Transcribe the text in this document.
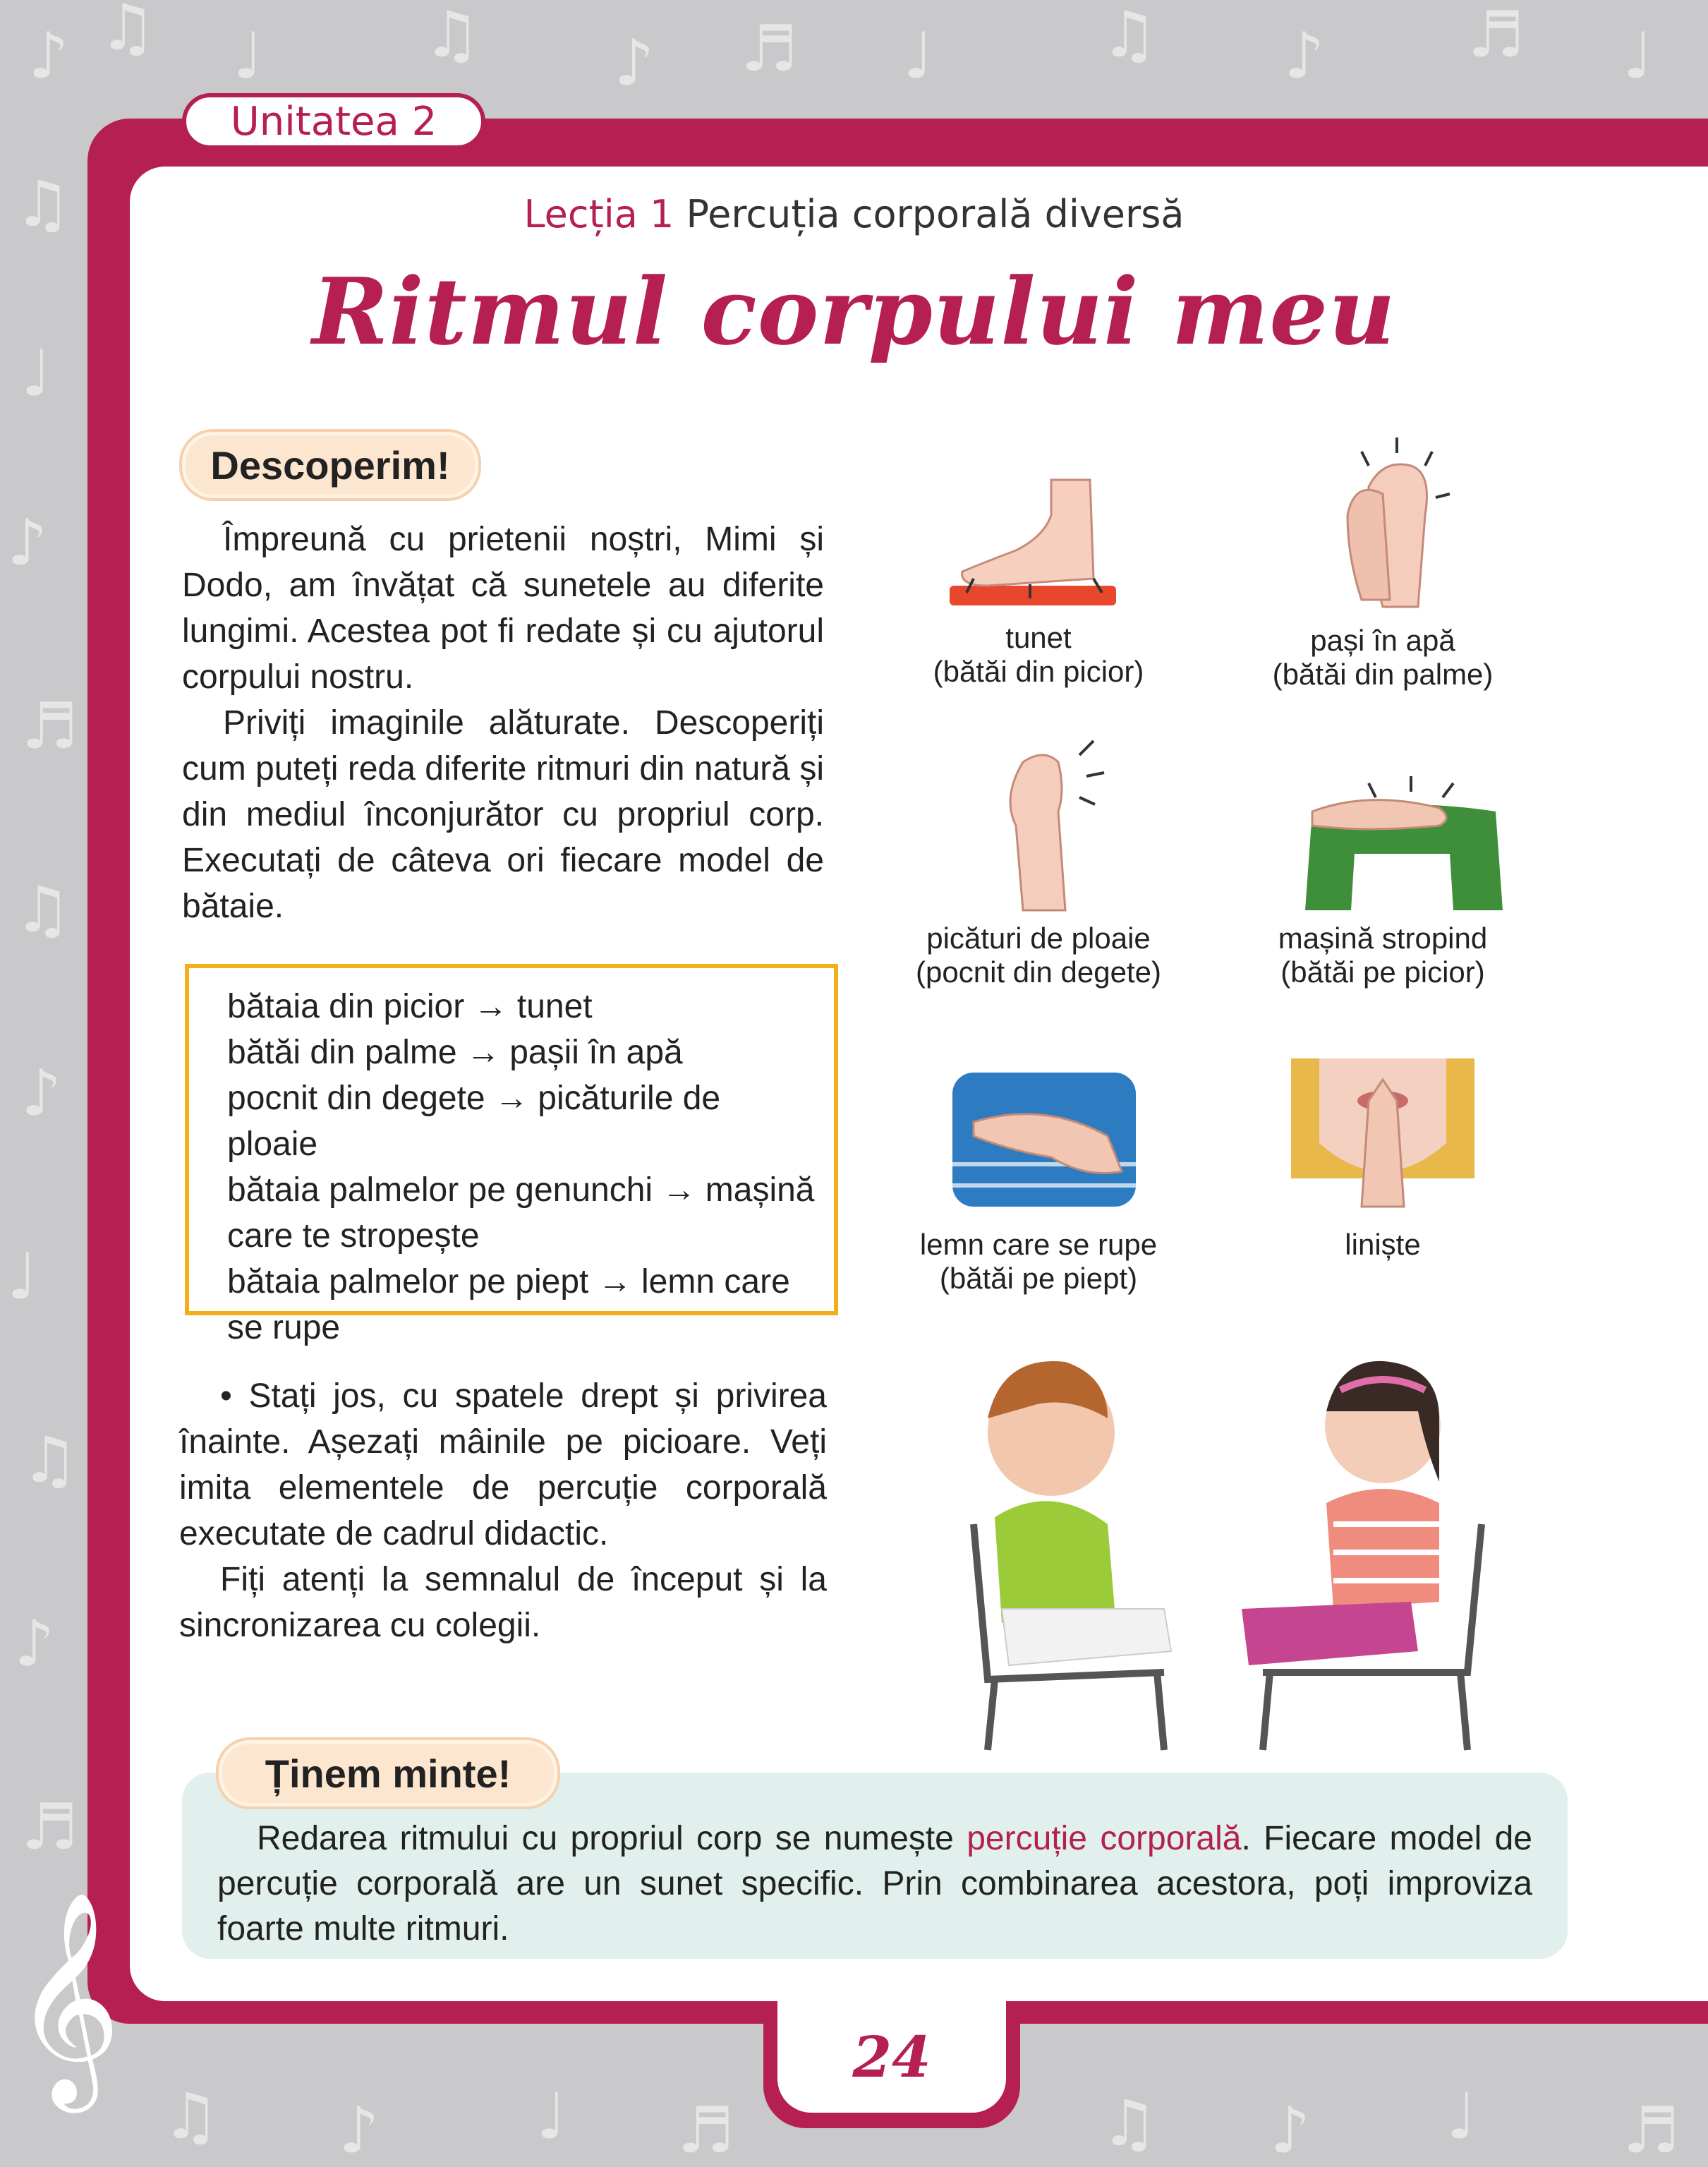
♪ ♫ ♩	♫ ♪ ♬ ♩	♫ ♪ ♬ ♩
♫
♩
♪
♬
♫
♪
♩
♫
♪
♬
♫ ♪ ♩ ♬	♫ ♪ ♩ ♬
Unitatea 2
Lecția 1 Percuția corporală diversă
Ritmul corpului meu
Descoperim!

Împreună cu prietenii noștri, Mimi și Dodo, am învățat că sunetele au diferite lungimi. Acestea pot fi redate și cu ajutorul corpului nostru.

Priviți imaginile alăturate. Descoperiți cum puteți reda diferite ritmuri din natură și din mediul înconjurător cu propriul corp. Executați de câteva ori fiecare model de bătaie.

bătaia din picior → tunet
bătăi din palme → pașii în apă
pocnit din degete → picăturile de ploaie
bătaia palmelor pe genunchi → mașină care te stropește
bătaia palmelor pe piept → lemn care se rupe

• Stați jos, cu spatele drept și privirea înainte. Așezați mâinile pe picioare. Veți imita elementele de percuție corporală executate de cadrul didactic.

Fiți atenți la semnalul de început și la sincronizarea cu colegii.

tunet
(bătăi din picior)
pași în apă
(bătăi din palme)
picături de ploaie
(pocnit din degete)
mașină stropind
(bătăi pe picior)
lemn care se rupe
(bătăi pe piept)
liniște

Redarea ritmului cu propriul corp se numește percuție corporală. Fiecare model de percuție corporală are un sunet specific. Prin combinarea acestora, poți improviza foarte multe ritmuri.

Ținem minte!
𝄞	24
